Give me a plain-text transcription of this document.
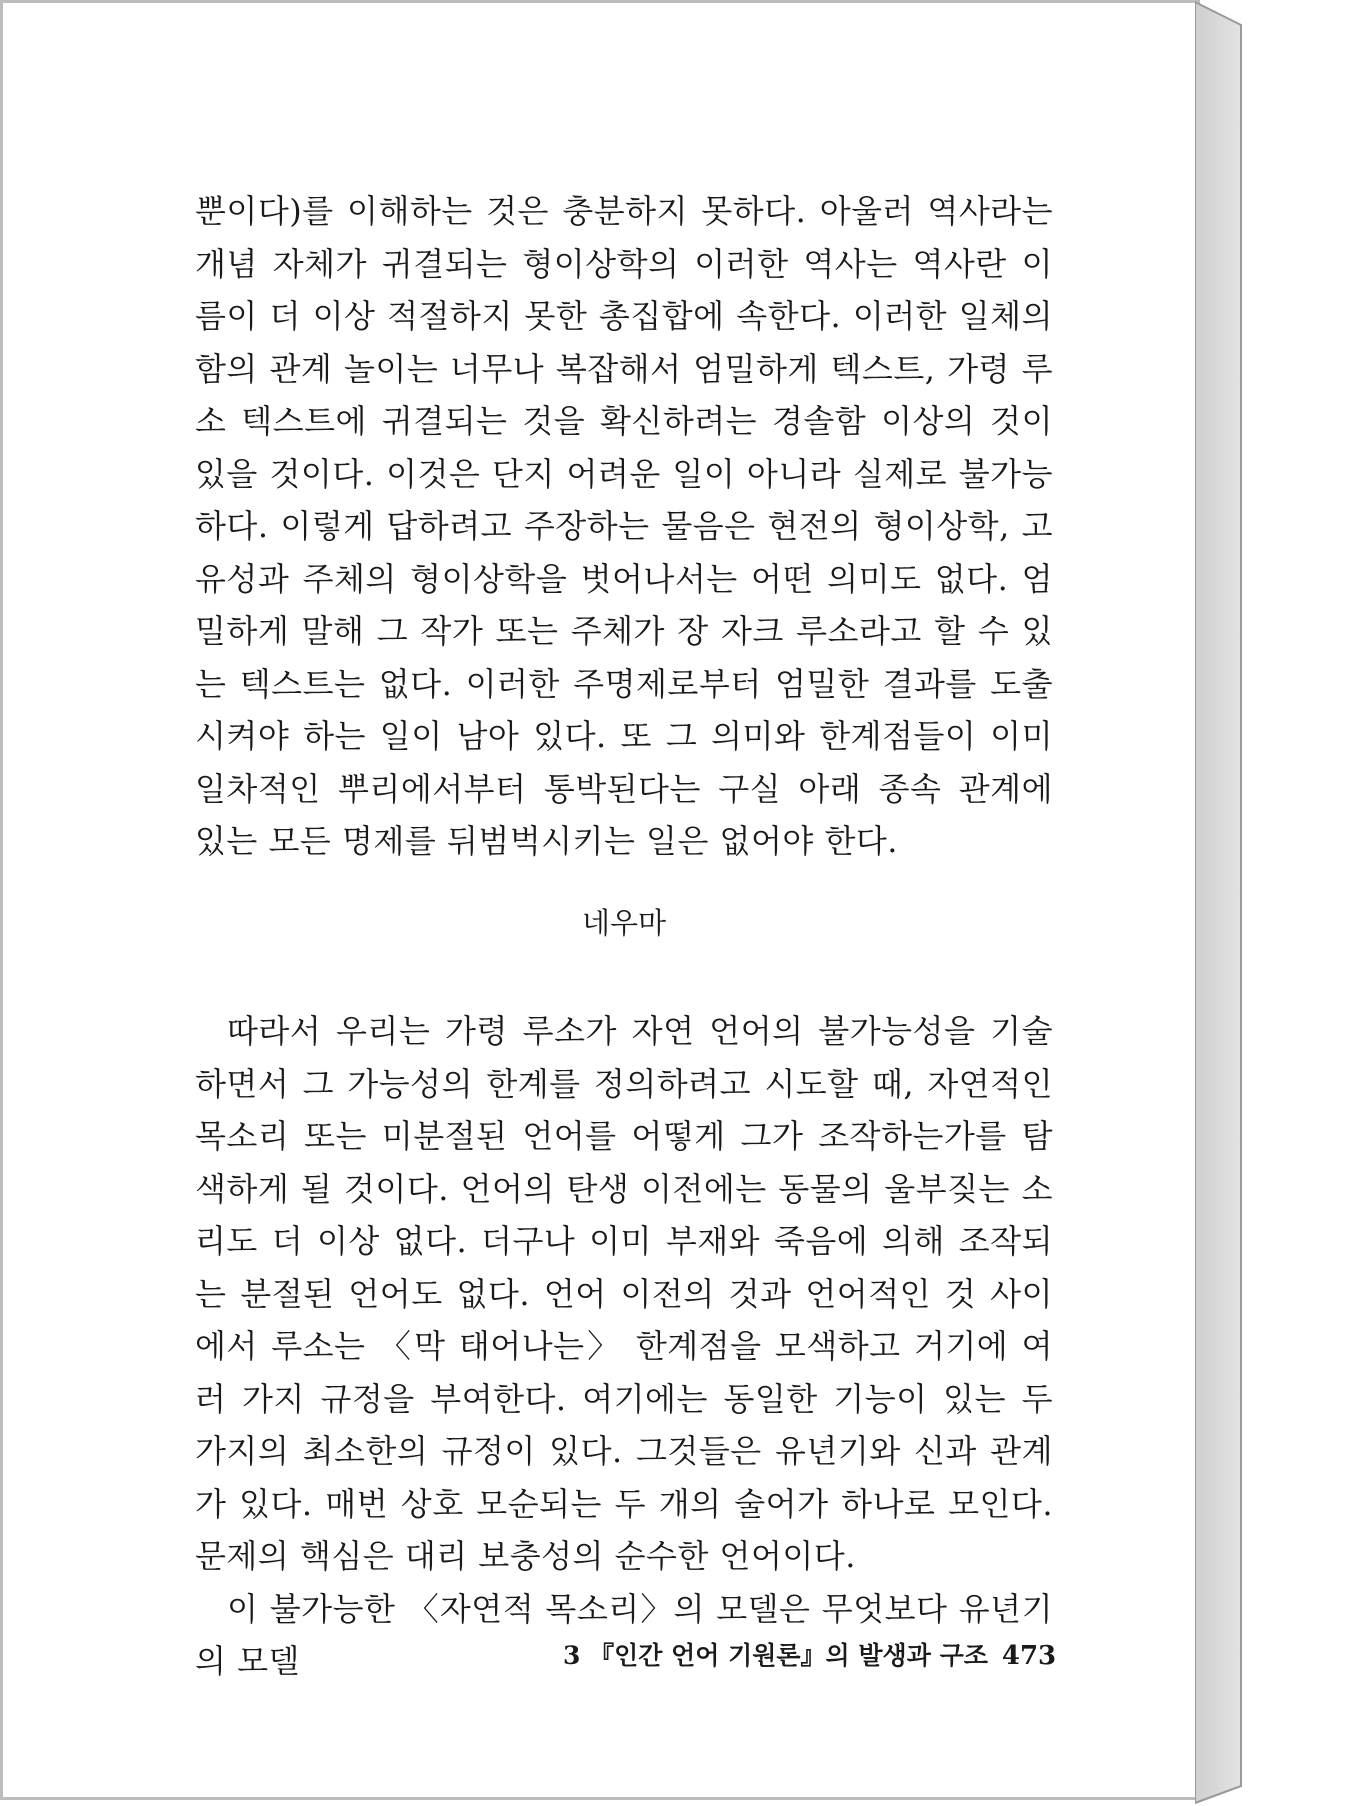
뿐이다)를 이해하는 것은 충분하지 못하다. 아울러 역사라는 개념 자체가 귀결되는 형이상학의 이러한 역사는 역사란 이름이 더 이상 적절하지 못한 총집합에 속한다. 이러한 일체의 함의 관계 놀이는 너무나 복잡해서 엄밀하게 텍스트, 가령 루소 텍스트에 귀결되는 것을 확신하려는 경솔함 이상의 것이 있을 것이다. 이것은 단지 어려운 일이 아니라 실제로 불가능하다. 이렇게 답하려고 주장하는 물음은 현전의 형이상학, 고유성과 주체의 형이상학을 벗어나서는 어떤 의미도 없다. 엄밀하게 말해 그 작가 또는 주체가 장 자크 루소라고 할 수 있는 텍스트는 없다. 이러한 주명제로부터 엄밀한 결과를 도출시켜야 하는 일이 남아 있다. 또 그 의미와 한계점들이 이미 일차적인 뿌리에서부터 통박된다는 구실 아래 종속 관계에 있는 모든 명제를 뒤범벅시키는 일은 없어야 한다.

네우마

따라서 우리는 가령 루소가 자연 언어의 불가능성을 기술하면서 그 가능성의 한계를 정의하려고 시도할 때, 자연적인 목소리 또는 미분절된 언어를 어떻게 그가 조작하는가를 탐색하게 될 것이다. 언어의 탄생 이전에는 동물의 울부짖는 소리도 더 이상 없다. 더구나 이미 부재와 죽음에 의해 조작되는 분절된 언어도 없다. 언어 이전의 것과 언어적인 것 사이에서 루소는 〈막 태어나는〉 한계점을 모색하고 거기에 여러 가지 규정을 부여한다. 여기에는 동일한 기능이 있는 두 가지의 최소한의 규정이 있다. 그것들은 유년기와 신과 관계가 있다. 매번 상호 모순되는 두 개의 술어가 하나로 모인다. 문제의 핵심은 대리 보충성의 순수한 언어이다.

이 불가능한 〈자연적 목소리〉의 모델은 무엇보다 유년기의 모델	3 『인간 언어 기원론』의 발생과 구조 473
